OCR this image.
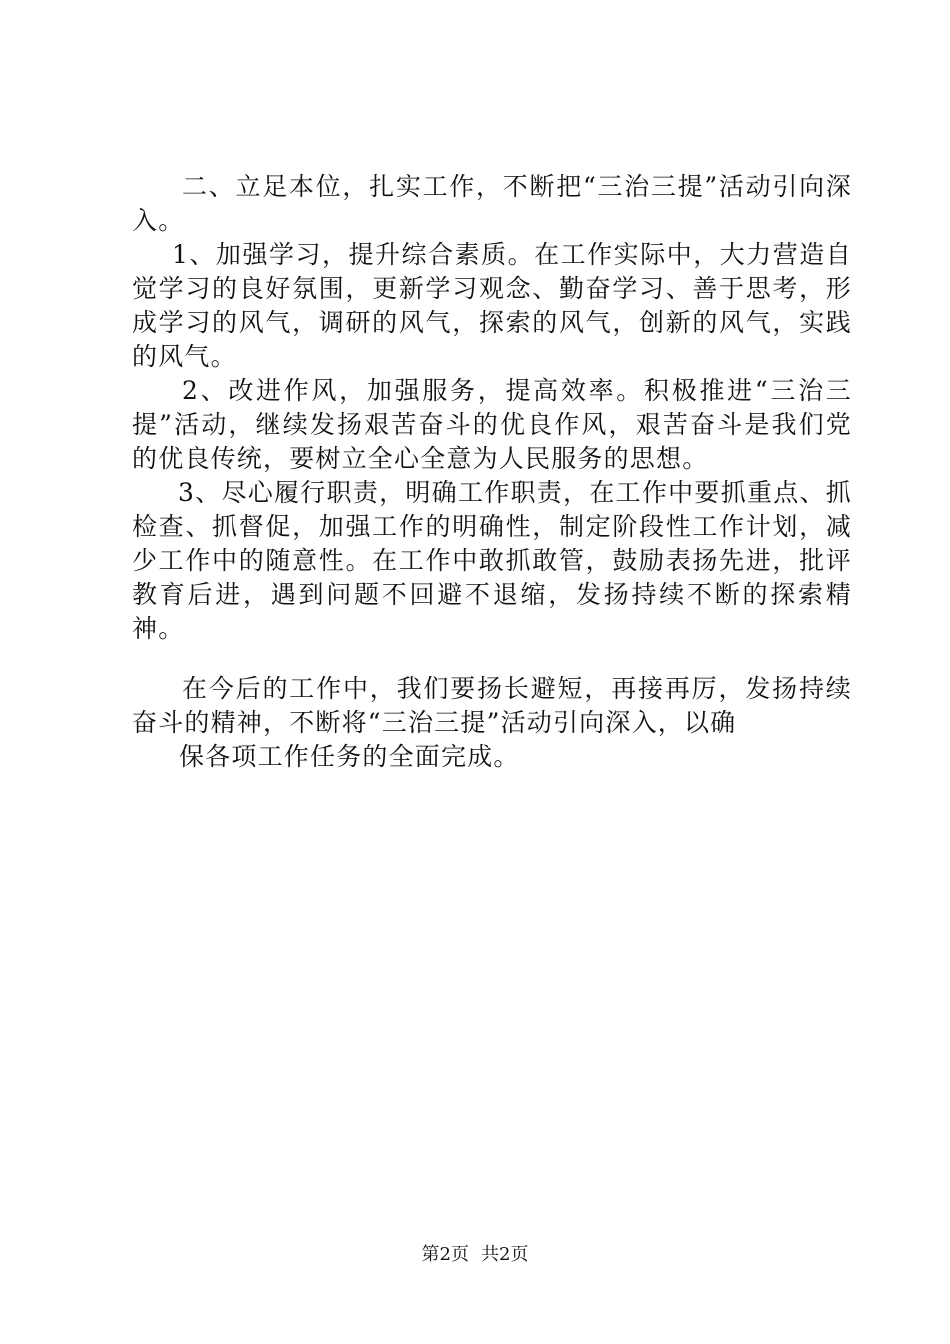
二、立足本位，扎实工作，不断把“三治三提”活动引向深入。

1、加强学习，提升综合素质。在工作实际中，大力营造自觉学习的良好氛围，更新学习观念、勤奋学习、善于思考，形成学习的风气，调研的风气，探索的风气，创新的风气，实践的风气。

2、改进作风，加强服务，提高效率。积极推进“三治三提”活动，继续发扬艰苦奋斗的优良作风，艰苦奋斗是我们党的优良传统，要树立全心全意为人民服务的思想。

3、尽心履行职责，明确工作职责，在工作中要抓重点、抓检查、抓督促，加强工作的明确性，制定阶段性工作计划，减少工作中的随意性。在工作中敢抓敢管，鼓励表扬先进，批评教育后进，遇到问题不回避不退缩，发扬持续不断的探索精神。

在今后的工作中，我们要扬长避短，再接再厉，发扬持续奋斗的精神，不断将“三治三提”活动引向深入，以确

保各项工作任务的全面完成。

第2页 共2页
